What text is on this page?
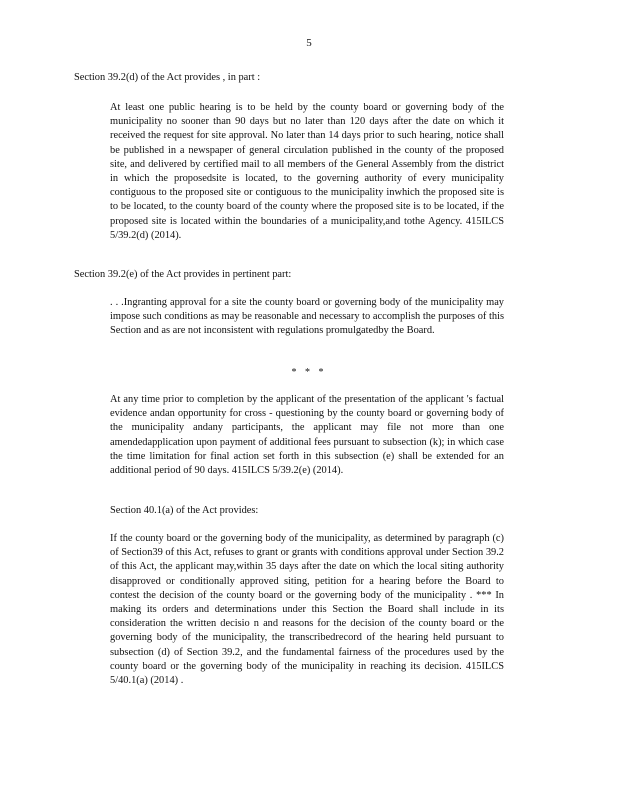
5

Section 39.2(d) of the Act provides , in part :

At least one public hearing is to be held by the county board or governing body of the municipality no sooner than 90 days but no later than 120 days after the date on which it received the request for site approval. No later than 14 days prior to such hearing, notice shall be published in a newspaper of general circulation published in the county of the proposed site, and delivered by certified mail to all members of the General Assembly from the district in which the proposedsite is located, to the governing authority of every municipality contiguous to the proposed site or contiguous to the municipality inwhich the proposed site is to be located, to the county board of the county where the proposed site is to be located, if the proposed site is located within the boundaries of a municipality,and tothe Agency. 415ILCS 5/39.2(d) (2014).

Section 39.2(e) of the Act provides in pertinent part:

. . .Ingranting approval for a site the county board or governing body of the municipality may impose such conditions as may be reasonable and necessary to accomplish the purposes of this Section and as are not inconsistent with regulations promulgatedby the Board.

* * *

At any time prior to completion by the applicant of the presentation of the applicant 's factual evidence andan opportunity for cross - questioning by the county board or governing body of the municipality andany participants, the applicant may file not more than one amendedapplication upon payment of additional fees pursuant to subsection (k); in which case the time limitation for final action set forth in this subsection (e) shall be extended for an additional period of 90 days. 415ILCS 5/39.2(e) (2014).

Section 40.1(a) of the Act provides:

If the county board or the governing body of the municipality, as determined by paragraph (c) of Section39 of this Act, refuses to grant or grants with conditions approval under Section 39.2 of this Act, the applicant may,within 35 days after the date on which the local siting authority disapproved or conditionally approved siting, petition for a hearing before the Board to contest the decision of the county board or the governing body of the municipality . *** In making its orders and determinations under this Section the Board shall include in its consideration the written decisio n and reasons for the decision of the county board or the governing body of the municipality, the transcribedrecord of the hearing held pursuant to subsection (d) of Section 39.2, and the fundamental fairness of the procedures used by the county board or the governing body of the municipality in reaching its decision. 415ILCS 5/40.1(a) (2014) .
